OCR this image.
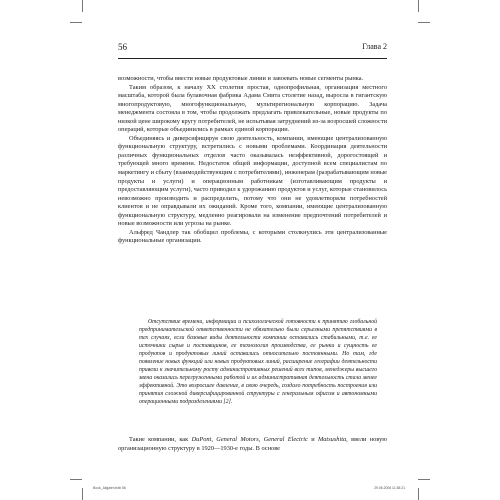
56	Глава 2

возможности, чтобы ввести новые продуктовые линии и завоевать новые сегменты рынка.

Таким образом, к началу XX столетия простая, однопрофильная, организация местного масштаба, которой была булавочная фабрика Адама Смита столетие назад, выросла в гигантскую многопродуктовую, многофункциональную, мультирегиональную корпорацию. Задача менеджмента состояла в том, чтобы продолжать предлагать привлекательные, новые продукты по низкой цене широкому кругу потребителей, не испытывая затруднений из-за возросшей сложности операций, которые объединились в рамках единой корпорации.

Объединяясь и диверсифицируя свою деятельность, компании, имеющие централизованную функциональную структуру, встретились с новыми проблемами. Координация деятельности различных функциональных отделов часто оказывалась неэффективной, дорогостоящей и требующей много времени. Недостаток общей информации, доступной всем специалистам по маркетингу и сбыту (взаимодействующим с потребителями), инженерам (разрабатывающим новые продукты и услуги) и операционным работникам (изготавливающим продукты и предоставляющим услуги), часто приводил к удорожанию продуктов и услуг, которые становилось невозможно производить и распределить, потому что они не удовлетворяли потребностей клиентов и не оправдывали их ожиданий. Кроме того, компании, имеющие централизованную функциональную структуру, медленно реагировали на изменение предпочтений потребителей и новые возможности или угрозы на рынке.

Альфред Чандлер так обобщил проблемы, с которыми столкнулись эти централизованные функциональные организации.

Отсутствие времени, информации и психологической готовности к принятию глобальной предпринимательской ответственности не обязательно были серьезными препятствиями в тех случаях, если базовые виды деятельности компании оставались стабильными, т.е. ее источники сырья и поставщиков, ее технология производства, ее рынки и сущность ее продуктов и продуктовых линий оставались относительно постоянными. Но там, где появление новых функций или новых продуктовых линий, расширение географии деятельности привели к значительному росту административных решений всех типов, менеджеры высшего звена оказались перегруженными работой и их административная деятельность стала менее эффективной. Это возросшее давление, в свою очередь, создало потребность построения или принятия сложной диверсифицированной структуры с генеральным офисом и автономными операционными подразделениями [2].

Такие компании, как DuPont, General Motors, General Electric и Matsushita, ввели новую организационную структуру в 1920—1930-е годы. В основе

Book_Allgaier.indb 56	29.06.2006 11:38:21
